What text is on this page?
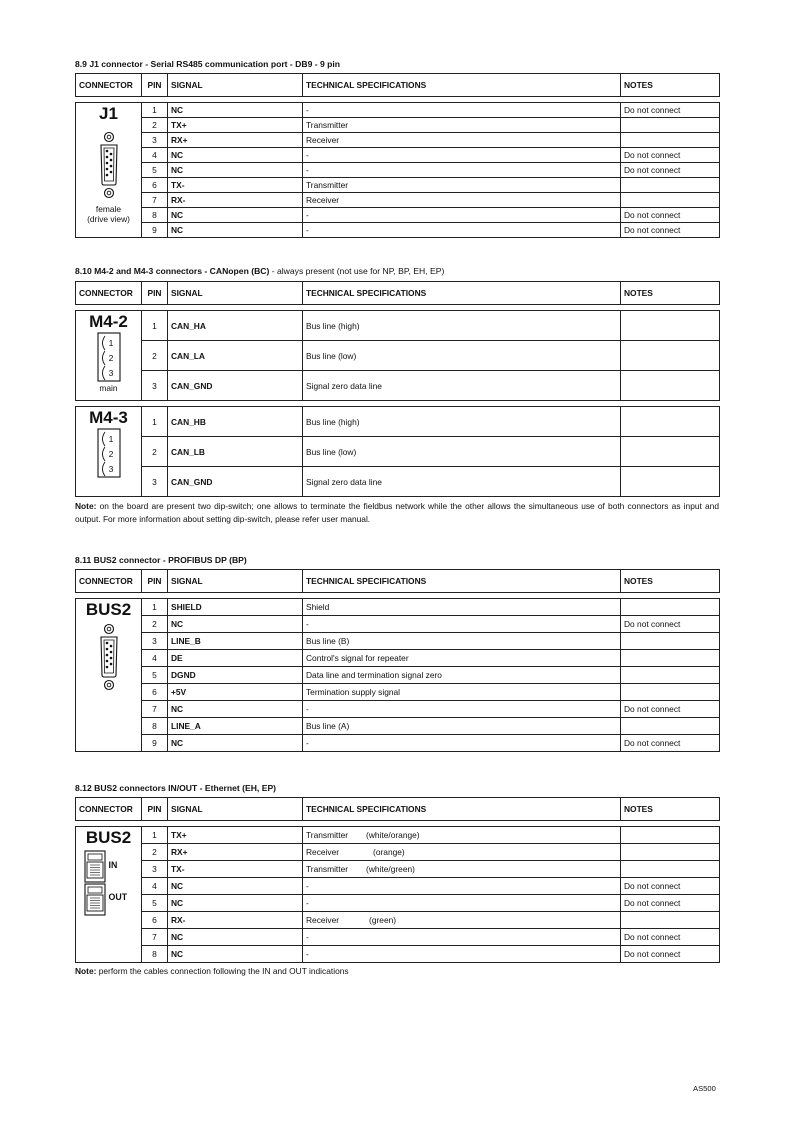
8.9 J1 connector - Serial RS485 communication port - DB9 - 9 pin
CONNECTOR	PIN	SIGNAL	TECHNICAL SPECIFICATIONS	NOTES

J1
female
(drive view)	1	NC	-	Do not connect
	2	TX+	Transmitter	
	3	RX+	Receiver	
	4	NC	-	Do not connect
	5	NC	-	Do not connect
	6	TX-	Transmitter	
	7	RX-	Receiver	
	8	NC	-	Do not connect
	9	NC	-	Do not connect
8.10 M4-2 and M4-3 connectors - CANopen (BC) - always present (not use for NP, BP, EH, EP)
CONNECTOR	PIN	SIGNAL	TECHNICAL SPECIFICATIONS	NOTES

M4-2
1
2
3
main	1	CAN_HA	Bus line (high)	
	2	CAN_LA	Bus line (low)	
	3	CAN_GND	Signal zero data line	

M4-3
1
2
3	1	CAN_HB	Bus line (high)	
	2	CAN_LB	Bus line (low)	
	3	CAN_GND	Signal zero data line	
Note: on the board are present two dip-switch; one allows to terminate the fieldbus network while the other allows the simultaneous use of both connectors as input and output. For more information about setting dip-switch, please refer user manual.
8.11 BUS2 connector - PROFIBUS DP (BP)
CONNECTOR	PIN	SIGNAL	TECHNICAL SPECIFICATIONS	NOTES

BUS2	1	SHIELD	Shield	
	2	NC	-	Do not connect
	3	LINE_B	Bus line (B)	
	4	DE	Control's signal for repeater	
	5	DGND	Data line and termination signal zero	
	6	+5V	Termination supply signal	
	7	NC	-	Do not connect
	8	LINE_A	Bus line (A)	
	9	NC	-	Do not connect
8.12 BUS2 connectors IN/OUT - Ethernet (EH, EP)
CONNECTOR	PIN	SIGNAL	TECHNICAL SPECIFICATIONS	NOTES

BUS2
IN
OUT	1	TX+	Transmitter (white/orange)	
	2	RX+	Receiver (orange)	
	3	TX-	Transmitter (white/green)	
	4	NC	-	Do not connect
	5	NC	-	Do not connect
	6	RX-	Receiver (green)	
	7	NC	-	Do not connect
	8	NC	-	Do not connect
Note: perform the cables connection following the IN and OUT indications
AS500
